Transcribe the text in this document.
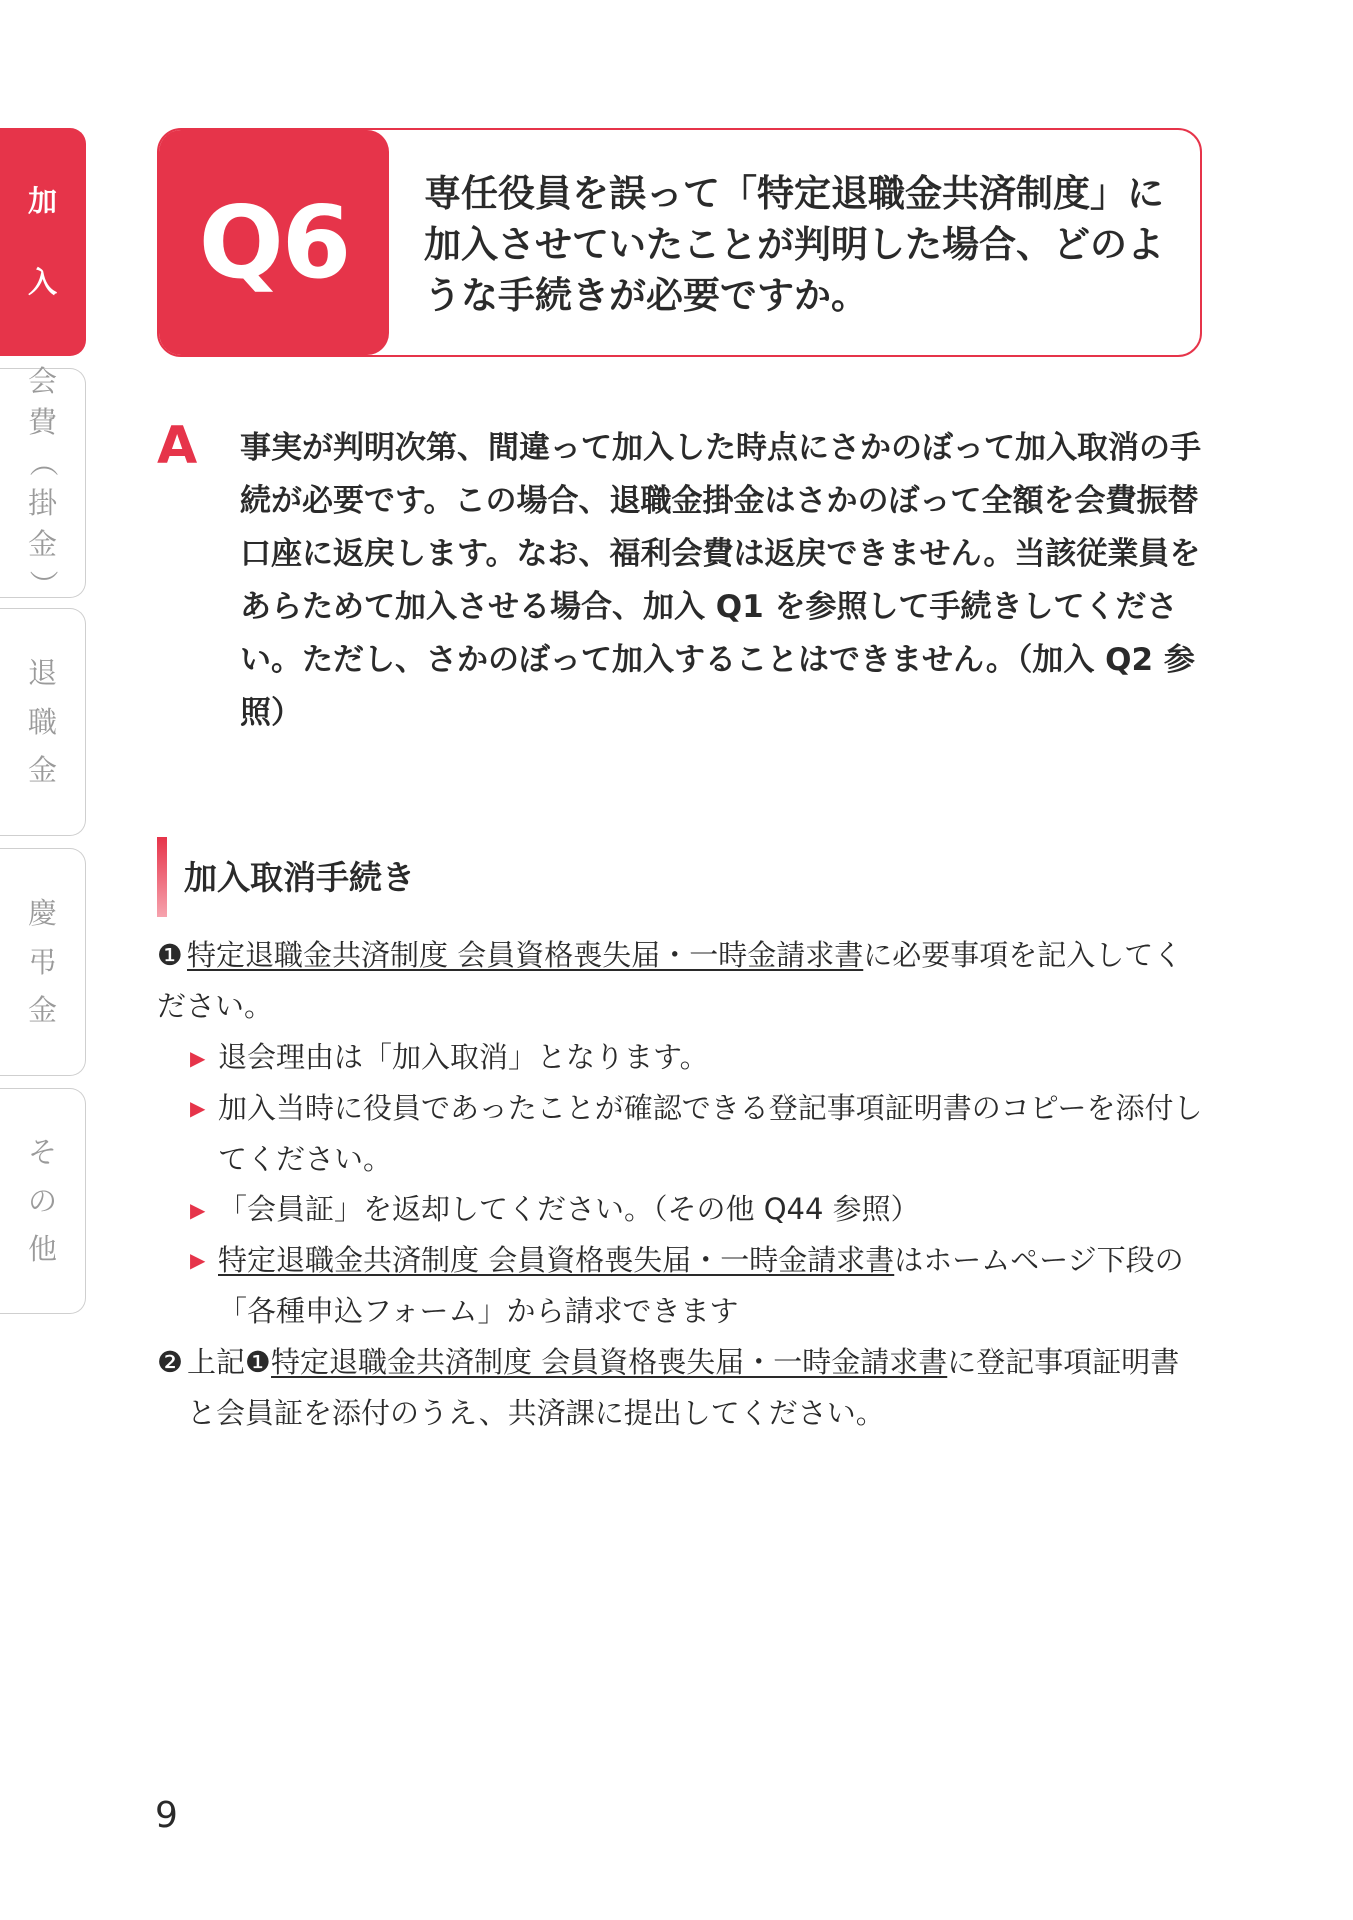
加
入
会
費
（
掛
金
）
退
職
金
慶
弔
金
そ
の
他
Q6	専任役員を誤って「特定退職金共済制度」に加入させていたことが判明した場合、どのような手続きが必要ですか。
A 事実が判明次第、間違って加入した時点にさかのぼって加入取消の手続が必要です。この場合、退職金掛金はさかのぼって全額を会費振替口座に返戻します。なお、福利会費は返戻できません。当該従業員をあらためて加入させる場合、加入 Q1 を参照して手続きしてください。ただし、さかのぼって加入することはできません。（加入 Q2 参照）
加入取消手続き
❶ 特定退職金共済制度 会員資格喪失届・一時金請求書に必要事項を記入してください。
▶ 退会理由は「加入取消」となります。
▶ 加入当時に役員であったことが確認できる登記事項証明書のコピーを添付してください。
▶ 「会員証」を返却してください。（その他 Q44 参照）
▶ 特定退職金共済制度 会員資格喪失届・一時金請求書はホームページ下段の「各種申込フォーム」から請求できます
❷ 上記❶特定退職金共済制度 会員資格喪失届・一時金請求書に登記事項証明書と会員証を添付のうえ、共済課に提出してください。
9
